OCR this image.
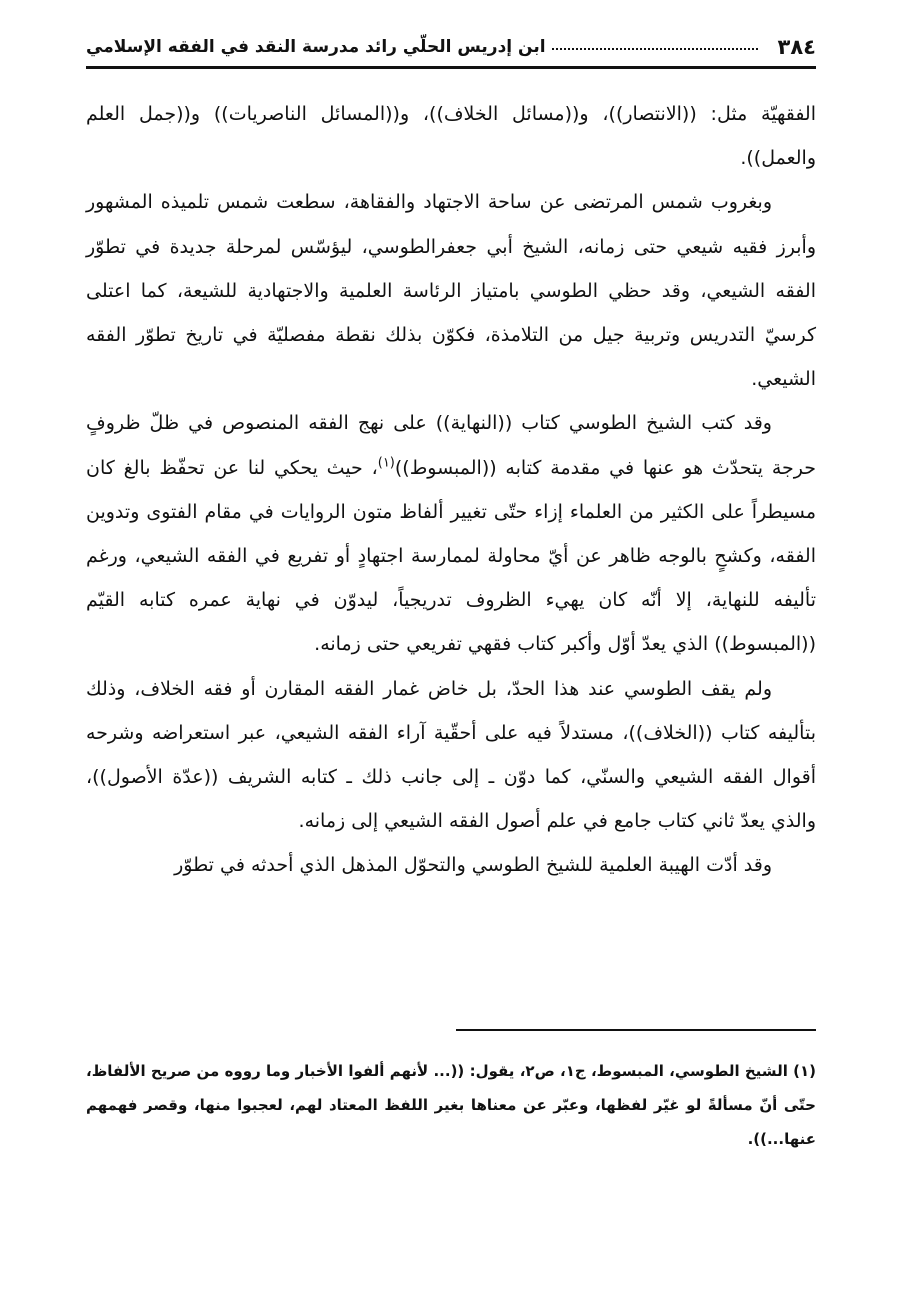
٣٨٤
ابن إدريس الحلّي رائد مدرسة النقد في الفقه الإسلامي

الفقهيّة مثل: ((الانتصار))، و((مسائل الخلاف))، و((المسائل الناصريات)) و((جمل العلم والعمل)).

وبغروب شمس المرتضى عن ساحة الاجتهاد والفقاهة، سطعت شمس تلميذه المشهور وأبرز فقيه شيعي حتى زمانه، الشيخ أبي جعفرالطوسي، ليؤسّس لمرحلة جديدة في تطوّر الفقه الشيعي، وقد حظي الطوسي بامتياز الرئاسة العلمية والاجتهادية للشيعة، كما اعتلى كرسيّ التدريس وتربية جيل من التلامذة، فكوّن بذلك نقطة مفصليّة في تاريخ تطوّر الفقه الشيعي.

وقد كتب الشيخ الطوسي كتاب ((النهاية)) على نهج الفقه المنصوص في ظلّ ظروفٍ حرجة يتحدّث هو عنها في مقدمة كتابه ((المبسوط))$^{(١)}$، حيث يحكي لنا عن تحفّظ بالغ كان مسيطراً على الكثير من العلماء إزاء حتّى تغيير ألفاظ متون الروايات في مقام الفتوى وتدوين الفقه، وكشحٍ بالوجه ظاهر عن أيّ محاولة لممارسة اجتهادٍ أو تفريع في الفقه الشيعي، ورغم تأليفه للنهاية، إلا أنّه كان يهيء الظروف تدريجياً، ليدوّن في نهاية عمره كتابه القيّم ((المبسوط)) الذي يعدّ أوّل وأكبر كتاب فقهي تفريعي حتى زمانه.

ولم يقف الطوسي عند هذا الحدّ، بل خاض غمار الفقه المقارن أو فقه الخلاف، وذلك بتأليفه كتاب ((الخلاف))، مستدلاً فيه على أحقّية آراء الفقه الشيعي، عبر استعراضه وشرحه أقوال الفقه الشيعي والسنّي، كما دوّن ـ إلى جانب ذلك ـ كتابه الشريف ((عدّة الأصول))، والذي يعدّ ثاني كتاب جامع في علم أصول الفقه الشيعي إلى زمانه.

وقد أدّت الهيبة العلمية للشيخ الطوسي والتحوّل المذهل الذي أحدثه في تطوّر

(١) الشيخ الطوسي، المبسوط، ج١، ص٢، يقول: ((... لأنهم ألفوا الأخبار وما رووه من صريح الألفاظ، حتّى أنّ مسألةً لو غيّر لفظها، وعبّر عن معناها بغير اللفظ المعتاد لهم، لعجبوا منها، وقصر فهمهم عنها...)).
